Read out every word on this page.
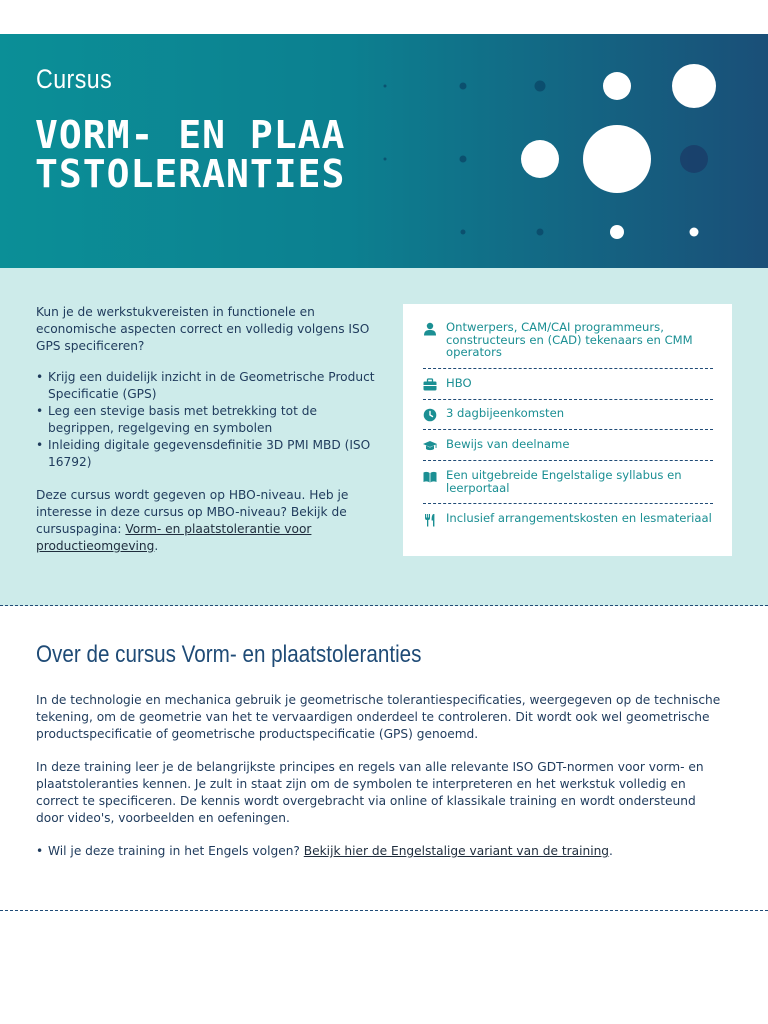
Cursus
VORM- EN PLAATSTOLERANTIES

Kun je de werkstukvereisten in functionele en economische aspecten correct en volledig volgens ISO GPS specificeren?

• Krijg een duidelijk inzicht in de Geometrische Product Specificatie (GPS)
• Leg een stevige basis met betrekking tot de begrippen, regelgeving en symbolen
• Inleiding digitale gegevensdefinitie 3D PMI MBD (ISO 16792)

Deze cursus wordt gegeven op HBO-niveau. Heb je interesse in deze cursus op MBO-niveau? Bekijk de cursuspagina: Vorm- en plaatstolerantie voor productieomgeving.

Ontwerpers, CAM/CAI programmeurs, constructeurs en (CAD) tekenaars en CMM operators
HBO
3 dagbijeenkomsten
Bewijs van deelname
Een uitgebreide Engelstalige syllabus en leerportaal
Inclusief arrangementskosten en lesmateriaal
Over de cursus Vorm- en plaatstoleranties

In de technologie en mechanica gebruik je geometrische tolerantiespecificaties, weergegeven op de technische tekening, om de geometrie van het te vervaardigen onderdeel te controleren. Dit wordt ook wel geometrische productspecificatie of geometrische productspecificatie (GPS) genoemd.

In deze training leer je de belangrijkste principes en regels van alle relevante ISO GDT-normen voor vorm- en plaatstoleranties kennen. Je zult in staat zijn om de symbolen te interpreteren en het werkstuk volledig en correct te specificeren. De kennis wordt overgebracht via online of klassikale training en wordt ondersteund door video's, voorbeelden en oefeningen.

• Wil je deze training in het Engels volgen? Bekijk hier de Engelstalige variant van de training.
